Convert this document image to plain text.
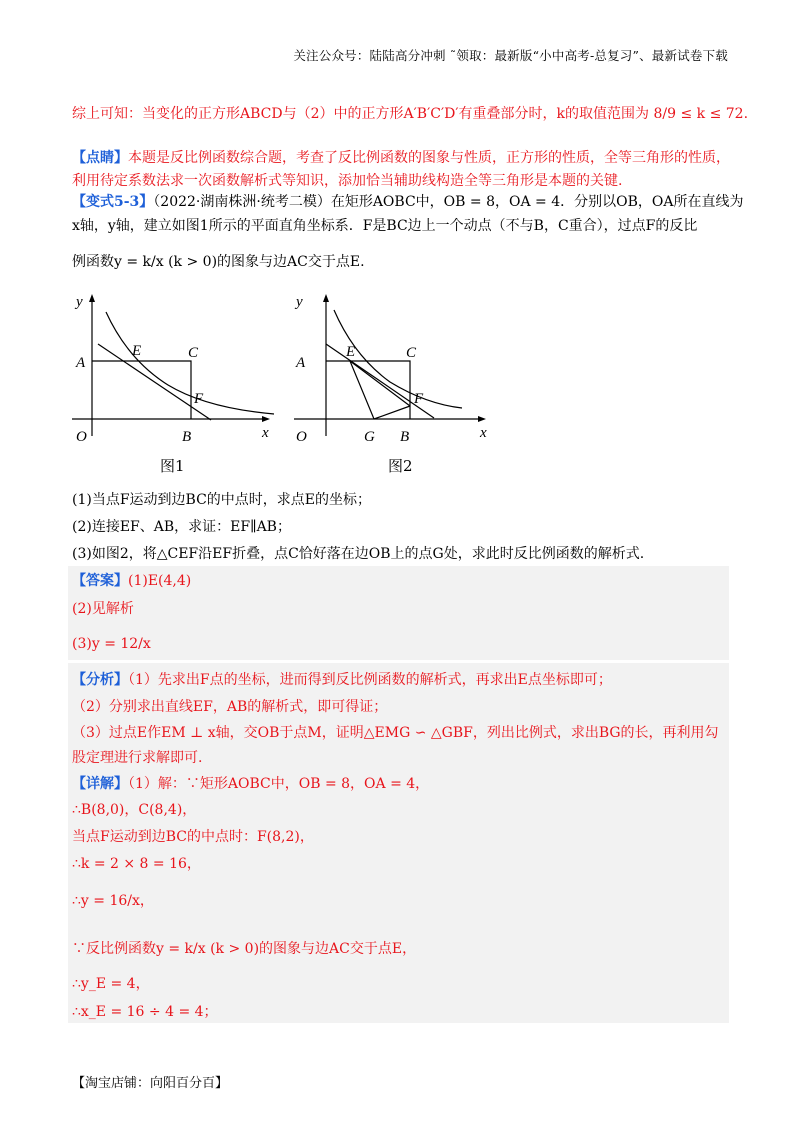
关注公众号：陆陆高分冲刺 ˜领取：最新版“小中高考-总复习”、最新试卷下载
综上可知：当变化的正方形ABCD与（2）中的正方形A′B′C′D′有重叠部分时，k的取值范围为 8/9 ≤ k ≤ 72.
【点睛】本题是反比例函数综合题，考查了反比例函数的图象与性质，正方形的性质，全等三角形的性质，
利用待定系数法求一次函数解析式等知识，添加恰当辅助线构造全等三角形是本题的关键.
【变式5-3】（2022·湖南株洲·统考二模）在矩形AOBC中，OB = 8，OA = 4．分别以OB，OA所在直线为
x轴，y轴，建立如图1所示的平面直角坐标系．F是BC边上一个动点（不与B，C重合），过点F的反比
例函数y = k/x (k > 0)的图象与边AC交于点E.
y
x
O
A
E	C
F
B
图1
y
x
O
A
E	C
F
G B
图2
(1)当点F运动到边BC的中点时，求点E的坐标；
(2)连接EF、AB，求证：EF∥AB；
(3)如图2，将△CEF沿EF折叠，点C恰好落在边OB上的点G处，求此时反比例函数的解析式.
【答案】(1)E(4,4)
(2)见解析
(3)y = 12/x
【分析】（1）先求出F点的坐标，进而得到反比例函数的解析式，再求出E点坐标即可；
（2）分别求出直线EF，AB的解析式，即可得证；
（3）过点E作EM ⊥ x轴，交OB于点M，证明△EMG ∽ △GBF，列出比例式，求出BG的长，再利用勾
股定理进行求解即可.
【详解】（1）解：∵矩形AOBC中，OB = 8，OA = 4，
∴B(8,0)，C(8,4)，
当点F运动到边BC的中点时：F(8,2)，
∴k = 2 × 8 = 16，
∴y = 16/x，
∵反比例函数y = k/x (k > 0)的图象与边AC交于点E，
∴y_E = 4，
∴x_E = 16 ÷ 4 = 4；
【淘宝店铺：向阳百分百】
